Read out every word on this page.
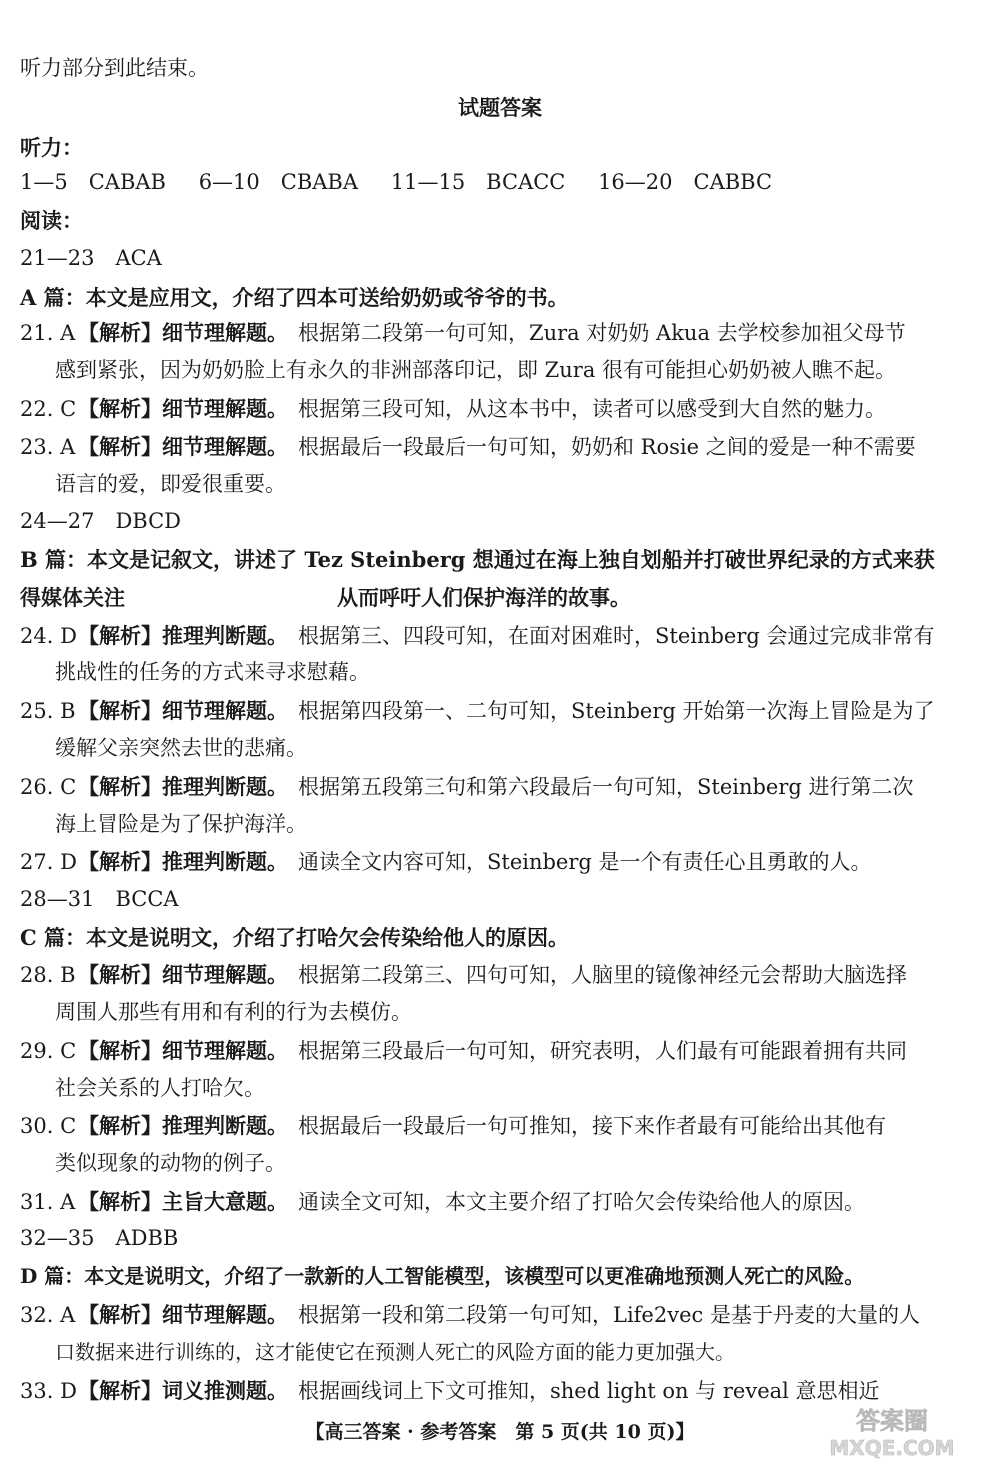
听力部分到此结束。
试题答案
听力：
1—5　CABAB 6—10　CBABA 11—15　BCACC 16—20　CABBC
阅读：
21—23　ACA
A 篇：本文是应用文，介绍了四本可送给奶奶或爷爷的书。
21. A 【解析】细节理解题。 根据第二段第一句可知，Zura 对奶奶 Akua 去学校参加祖父母节
感到紧张，因为奶奶脸上有永久的非洲部落印记，即 Zura 很有可能担心奶奶被人瞧不起。
22. C【解析】细节理解题。 根据第三段可知，从这本书中，读者可以感受到大自然的魅力。
23. A 【解析】细节理解题。 根据最后一段最后一句可知，奶奶和 Rosie 之间的爱是一种不需要
语言的爱，即爱很重要。
24—27　DBCD
B 篇：本文是记叙文，讲述了 Tez Steinberg 想通过在海上独自划船并打破世界纪录的方式来获
得媒体关注	从而呼吁人们保护海洋的故事。
24. D【解析】推理判断题。 根据第三、四段可知，在面对困难时，Steinberg 会通过完成非常有
挑战性的任务的方式来寻求慰藉。
25. B 【解析】细节理解题。 根据第四段第一、二句可知，Steinberg 开始第一次海上冒险是为了
缓解父亲突然去世的悲痛。
26. C【解析】推理判断题。 根据第五段第三句和第六段最后一句可知，Steinberg 进行第二次
海上冒险是为了保护海洋。
27. D【解析】推理判断题。 通读全文内容可知，Steinberg 是一个有责任心且勇敢的人。
28—31　BCCA
C 篇：本文是说明文，介绍了打哈欠会传染给他人的原因。
28. B 【解析】细节理解题。 根据第二段第三、四句可知，人脑里的镜像神经元会帮助大脑选择
周围人那些有用和有利的行为去模仿。
29. C【解析】细节理解题。 根据第三段最后一句可知，研究表明，人们最有可能跟着拥有共同
社会关系的人打哈欠。
30. C【解析】推理判断题。 根据最后一段最后一句可推知，接下来作者最有可能给出其他有
类似现象的动物的例子。
31. A 【解析】主旨大意题。 通读全文可知，本文主要介绍了打哈欠会传染给他人的原因。
32—35　ADBB
D 篇：本文是说明文，介绍了一款新的人工智能模型，该模型可以更准确地预测人死亡的风险。
32. A 【解析】细节理解题。 根据第一段和第二段第一句可知，Life2vec 是基于丹麦的大量的人
口数据来进行训练的，这才能使它在预测人死亡的风险方面的能力更加强大。
33. D【解析】词义推测题。 根据画线词上下文可推知，shed light on 与 reveal 意思相近
【高三答案 · 参考答案　第 5 页(共 10 页)】	答案圈
MXQE.COM
